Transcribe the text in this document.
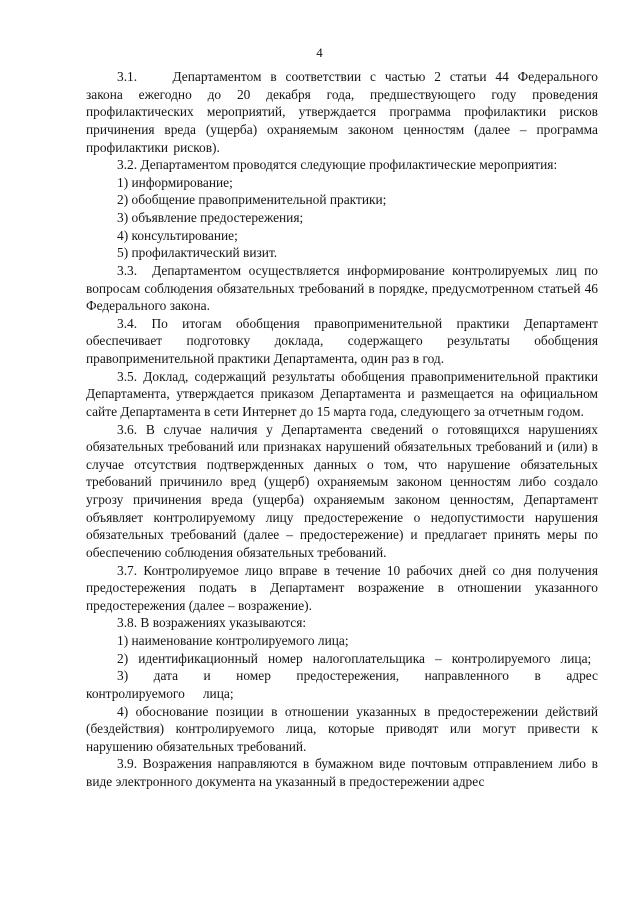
4

3.1.    Департаментом в соответствии с частью 2 статьи 44 Федерального закона ежегодно до 20 декабря года, предшествующего году проведения профилактических мероприятий, утверждается программа профилактики рисков причинения вреда (ущерба) охраняемым законом ценностям (далее – программа профилактики рисков).

3.2. Департаментом проводятся следующие профилактические мероприятия:

1) информирование;

2) обобщение правоприменительной практики;

3) объявление предостережения;

4) консультирование;

5) профилактический визит.

3.3.  Департаментом осуществляется информирование контролируемых лиц по вопросам соблюдения обязательных требований в порядке, предусмотренном статьей 46 Федерального закона.

3.4. По итогам обобщения правоприменительной практики Департамент обеспечивает подготовку доклада, содержащего результаты обобщения правоприменительной практики Департамента, один раз в год.

3.5. Доклад, содержащий результаты обобщения правоприменительной практики Департамента, утверждается приказом Департамента и размещается на официальном сайте Департамента в сети Интернет до 15 марта года, следующего за отчетным годом.

3.6. В случае наличия у Департамента сведений о готовящихся нарушениях обязательных требований или признаках нарушений обязательных требований и (или) в случае отсутствия подтвержденных данных о том, что нарушение обязательных требований причинило вред (ущерб) охраняемым законом ценностям либо создало угрозу причинения вреда (ущерба) охраняемым законом ценностям, Департамент объявляет контролируемому лицу предостережение о недопустимости нарушения обязательных требований (далее – предостережение) и предлагает принять меры по обеспечению соблюдения обязательных требований.

3.7. Контролируемое лицо вправе в течение 10 рабочих дней со дня получения предостережения подать в Департамент возражение в отношении указанного предостережения (далее – возражение).

3.8. В возражениях указываются:

1) наименование контролируемого лица;

2) идентификационный номер налогоплательщика – контролируемого лица;

3) дата и номер предостережения, направленного в адрес контролируемого лица;

4) обоснование позиции в отношении указанных в предостережении действий (бездействия) контролируемого лица, которые приводят или могут привести к нарушению обязательных требований.

3.9. Возражения направляются в бумажном виде почтовым отправлением либо в виде электронного документа на указанный в предостережении адрес
